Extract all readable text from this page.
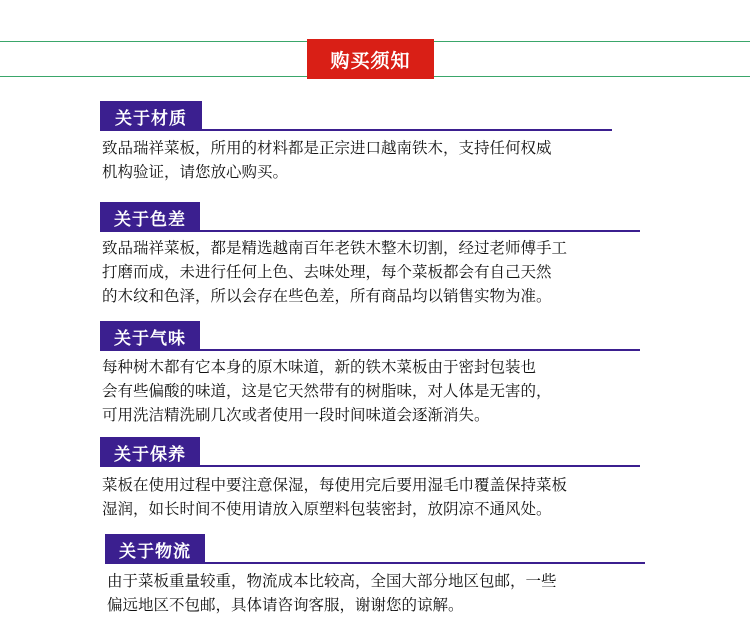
购买须知
关于材质
致品瑞祥菜板，所用的材料都是正宗进口越南铁木，支持任何权威
机构验证，请您放心购买。
关于色差
致品瑞祥菜板，都是精选越南百年老铁木整木切割，经过老师傅手工
打磨而成，未进行任何上色、去味处理，每个菜板都会有自己天然
的木纹和色泽，所以会存在些色差，所有商品均以销售实物为准。
关于气味
每种树木都有它本身的原木味道，新的铁木菜板由于密封包装也
会有些偏酸的味道，这是它天然带有的树脂味，对人体是无害的，
可用洗洁精洗刷几次或者使用一段时间味道会逐渐消失。
关于保养
菜板在使用过程中要注意保湿，每使用完后要用湿毛巾覆盖保持菜板
湿润，如长时间不使用请放入原塑料包装密封，放阴凉不通风处。
关于物流
由于菜板重量较重，物流成本比较高，全国大部分地区包邮，一些
偏远地区不包邮，具体请咨询客服，谢谢您的谅解。
